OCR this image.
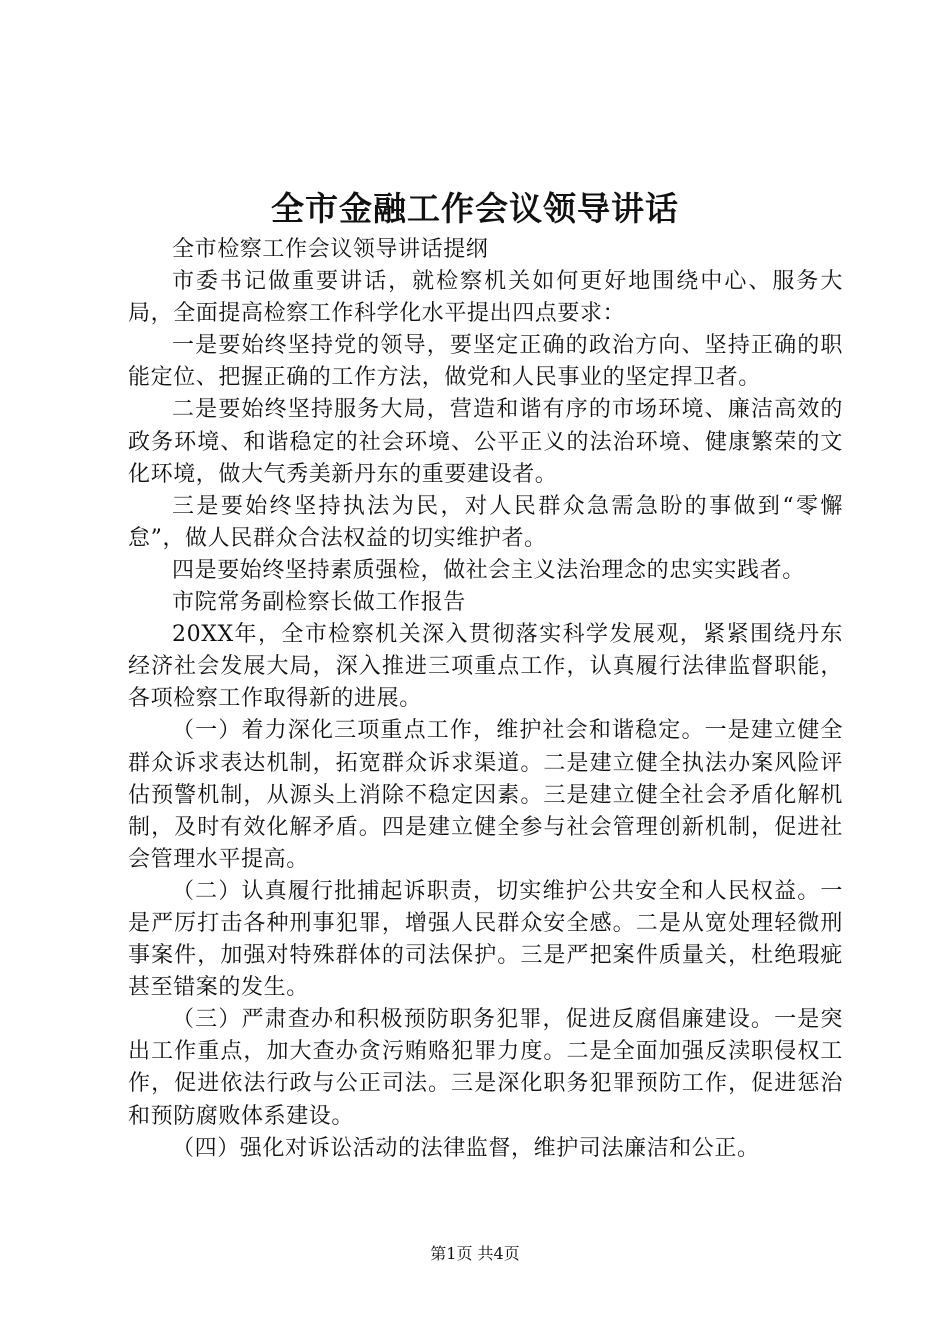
全市金融工作会议领导讲话

全市检察工作会议领导讲话提纲

市委书记做重要讲话，就检察机关如何更好地围绕中心、服务大局，全面提高检察工作科学化水平提出四点要求：

一是要始终坚持党的领导，要坚定正确的政治方向、坚持正确的职能定位、把握正确的工作方法，做党和人民事业的坚定捍卫者。

二是要始终坚持服务大局，营造和谐有序的市场环境、廉洁高效的政务环境、和谐稳定的社会环境、公平正义的法治环境、健康繁荣的文化环境，做大气秀美新丹东的重要建设者。

三是要始终坚持执法为民，对人民群众急需急盼的事做到“零懈怠”，做人民群众合法权益的切实维护者。

四是要始终坚持素质强检，做社会主义法治理念的忠实实践者。

市院常务副检察长做工作报告

20XX年，全市检察机关深入贯彻落实科学发展观，紧紧围绕丹东经济社会发展大局，深入推进三项重点工作，认真履行法律监督职能，各项检察工作取得新的进展。

（一）着力深化三项重点工作，维护社会和谐稳定。一是建立健全群众诉求表达机制，拓宽群众诉求渠道。二是建立健全执法办案风险评估预警机制，从源头上消除不稳定因素。三是建立健全社会矛盾化解机制，及时有效化解矛盾。四是建立健全参与社会管理创新机制，促进社会管理水平提高。

（二）认真履行批捕起诉职责，切实维护公共安全和人民权益。一是严厉打击各种刑事犯罪，增强人民群众安全感。二是从宽处理轻微刑事案件，加强对特殊群体的司法保护。三是严把案件质量关，杜绝瑕疵甚至错案的发生。

（三）严肃查办和积极预防职务犯罪，促进反腐倡廉建设。一是突出工作重点，加大查办贪污贿赂犯罪力度。二是全面加强反渎职侵权工作，促进依法行政与公正司法。三是深化职务犯罪预防工作，促进惩治和预防腐败体系建设。

（四）强化对诉讼活动的法律监督，维护司法廉洁和公正。

第1页 共4页
